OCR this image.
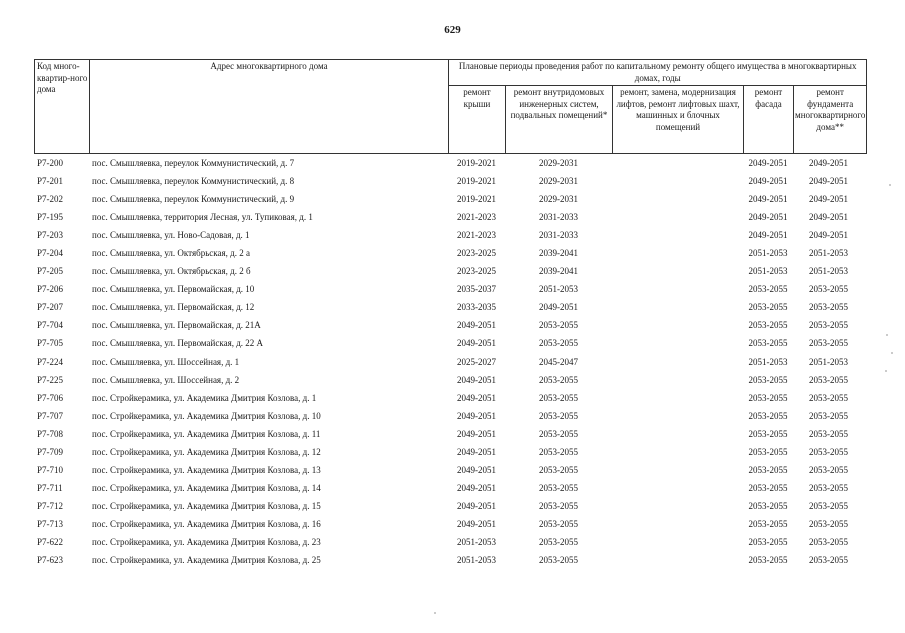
629
Код много-квартир-ного дома	Адрес многоквартирного дома	Плановые периоды проведения работ по капитальному ремонту общего имущества в многоквартирных домах, годы				
		ремонт крыши	ремонт внутридомовых инженерных систем, подвальных помещений*	ремонт, замена, модернизация лифтов, ремонт лифтовых шахт, машинных и блочных помещений	ремонт фасада	ремонт фундамента многоквартирного дома**
Р7-200	пос. Смышляевка, переулок Коммунистический, д. 7	2019-2021	2029-2031		2049-2051	2049-2051
Р7-201	пос. Смышляевка, переулок Коммунистический, д. 8	2019-2021	2029-2031		2049-2051	2049-2051
Р7-202	пос. Смышляевка, переулок Коммунистический, д. 9	2019-2021	2029-2031		2049-2051	2049-2051
Р7-195	пос. Смышляевка, территория Лесная, ул. Тупиковая, д. 1	2021-2023	2031-2033		2049-2051	2049-2051
Р7-203	пос. Смышляевка, ул. Ново-Садовая, д. 1	2021-2023	2031-2033		2049-2051	2049-2051
Р7-204	пос. Смышляевка, ул. Октябрьская, д. 2 а	2023-2025	2039-2041		2051-2053	2051-2053
Р7-205	пос. Смышляевка, ул. Октябрьская, д. 2 б	2023-2025	2039-2041		2051-2053	2051-2053
Р7-206	пос. Смышляевка, ул. Первомайская, д. 10	2035-2037	2051-2053		2053-2055	2053-2055
Р7-207	пос. Смышляевка, ул. Первомайская, д. 12	2033-2035	2049-2051		2053-2055	2053-2055
Р7-704	пос. Смышляевка, ул. Первомайская, д. 21А	2049-2051	2053-2055		2053-2055	2053-2055
Р7-705	пос. Смышляевка, ул. Первомайская, д. 22 А	2049-2051	2053-2055		2053-2055	2053-2055
Р7-224	пос. Смышляевка, ул. Шоссейная, д. 1	2025-2027	2045-2047		2051-2053	2051-2053
Р7-225	пос. Смышляевка, ул. Шоссейная, д. 2	2049-2051	2053-2055		2053-2055	2053-2055
Р7-706	пос. Стройкерамика, ул. Академика Дмитрия Козлова, д. 1	2049-2051	2053-2055		2053-2055	2053-2055
Р7-707	пос. Стройкерамика, ул. Академика Дмитрия Козлова, д. 10	2049-2051	2053-2055		2053-2055	2053-2055
Р7-708	пос. Стройкерамика, ул. Академика Дмитрия Козлова, д. 11	2049-2051	2053-2055		2053-2055	2053-2055
Р7-709	пос. Стройкерамика, ул. Академика Дмитрия Козлова, д. 12	2049-2051	2053-2055		2053-2055	2053-2055
Р7-710	пос. Стройкерамика, ул. Академика Дмитрия Козлова, д. 13	2049-2051	2053-2055		2053-2055	2053-2055
Р7-711	пос. Стройкерамика, ул. Академика Дмитрия Козлова, д. 14	2049-2051	2053-2055		2053-2055	2053-2055
Р7-712	пос. Стройкерамика, ул. Академика Дмитрия Козлова, д. 15	2049-2051	2053-2055		2053-2055	2053-2055
Р7-713	пос. Стройкерамика, ул. Академика Дмитрия Козлова, д. 16	2049-2051	2053-2055		2053-2055	2053-2055
Р7-622	пос. Стройкерамика, ул. Академика Дмитрия Козлова, д. 23	2051-2053	2053-2055		2053-2055	2053-2055
Р7-623	пос. Стройкерамика, ул. Академика Дмитрия Козлова, д. 25	2051-2053	2053-2055		2053-2055	2053-2055
